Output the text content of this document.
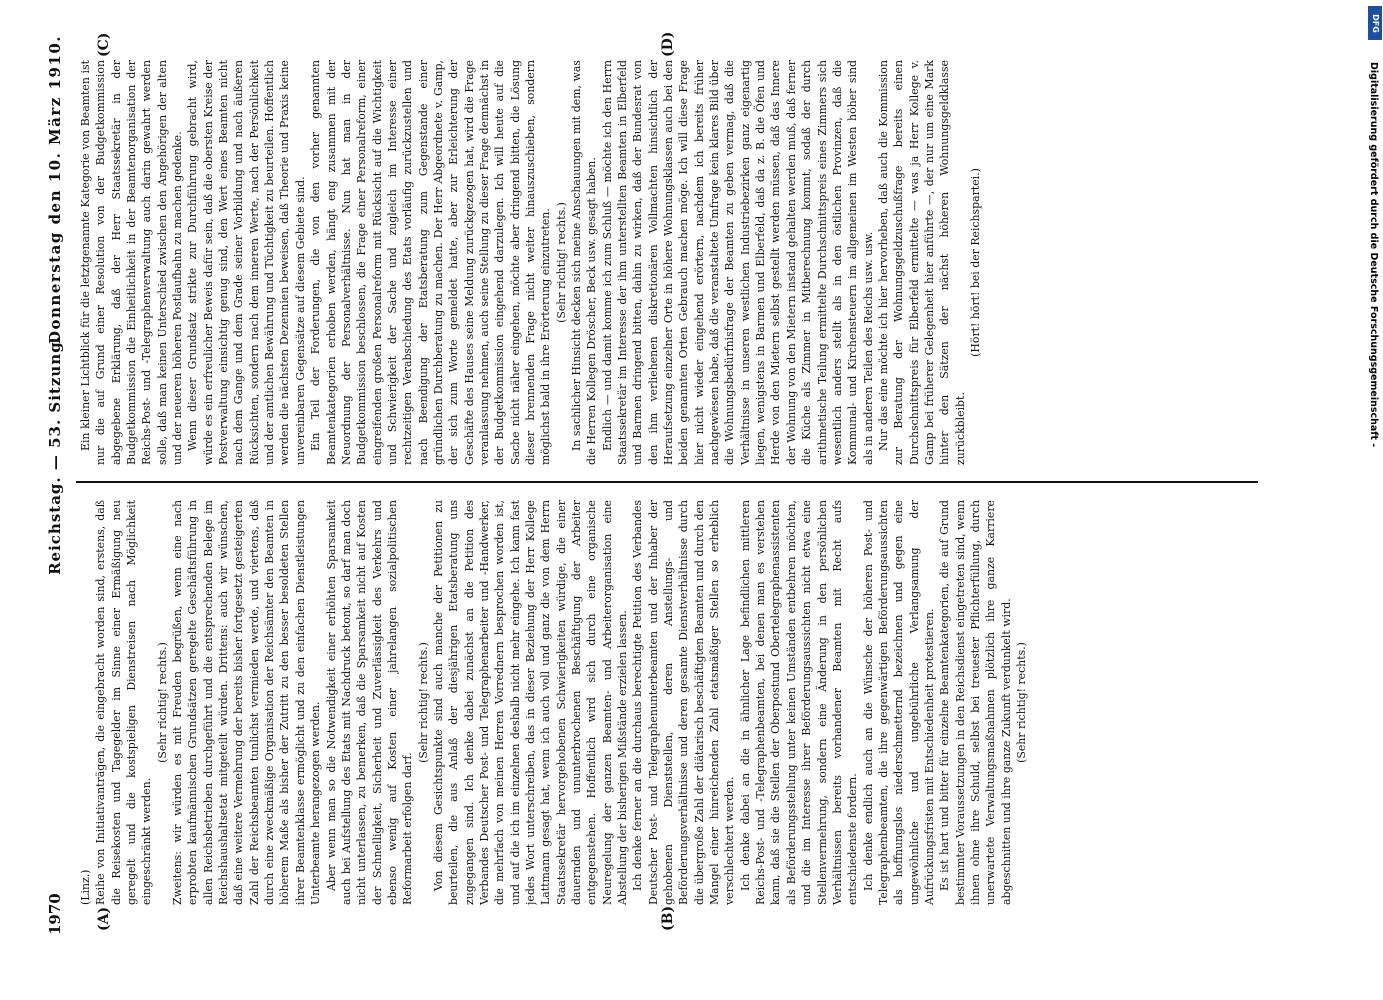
1970
Reichstag. — 53. Sitzung.
Donnerstag den 10. März 1910.
(A)	(B)
(C)	(D)

(Linz.) Reihe von Initiativanträgen, die eingebracht worden sind, erstens, daß die Reisekosten und Tagegelder im Sinne einer Ermäßigung neu geregelt und die kostspieligen Dienstreisen nach Möglichkeit eingeschränkt werden.

(Sehr richtig! rechts.) Zweitens: wir würden es mit Freuden begrüßen, wenn eine nach erprobten kaufmännischen Grundsätzen geregelte Geschäftsführung in allen Reichsbetrieben durchgeführt und die entsprechenden Belege im Reichshaushaltsetat mitgeteilt würden. Drittens: auch wir wünschen, daß eine weitere Vermehrung der bereits bisher fortgesetzt gesteigerten Zahl der Reichsbeamten tunlichst vermieden werde, und viertens, daß durch eine zweckmäßige Organisation der Reichsämter den Beamten in höherem Maße als bisher der Zutritt zu den besser besoldeten Stellen ihrer Beamtenklasse ermöglicht und zu den einfachen Dienstleistungen Unterbeamte herangezogen werden. Aber wenn man so die Notwendigkeit einer erhöhten Sparsamkeit auch bei Aufstellung des Etats mit Nachdruck betont, so darf man doch nicht unterlassen, zu bemerken, daß die Sparsamkeit nicht auf Kosten der Schnelligkeit, Sicherheit und Zuverlässigkeit des Verkehrs und ebenso wenig auf Kosten einer jahrelangen sozialpolitischen Reformarbeit erfolgen darf.

(Sehr richtig! rechts.) Von diesem Gesichtspunkte sind auch manche der Petitionen zu beurteilen, die aus Anlaß der diesjährigen Etatsberatung uns zugegangen sind. Ich denke dabei zunächst an die Petition des Verbandes Deutscher Post- und Telegraphenarbeiter und -Handwerker, die mehrfach von meinen Herren Vorrednern besprochen worden ist, und auf die ich im einzelnen deshalb nicht mehr eingehe. Ich kann fast jedes Wort unterschreiben, das in dieser Beziehung der Herr Kollege Lattmann gesagt hat, wenn ich auch voll und ganz die von dem Herrn Staatssekretär hervorgehobenen Schwierigkeiten würdige, die einer dauernden und ununterbrochenen Beschäftigung der Arbeiter entgegenstehen. Hoffentlich wird sich durch eine organische Neuregelung der ganzen Beamten- und Arbeiterorganisation eine Abstellung der bisherigen Mißstände erzielen lassen. Ich denke ferner an die durchaus berechtigte Petition des Verbandes Deutscher Post- und Telegraphenunterbeamten und der Inhaber der gehobenen Dienststellen, deren Anstellungs- und Beförderungsverhältnisse und deren gesamte Dienstverhältnisse durch die übergroße Zahl der diätarisch beschäftigten Beamten und durch den Mangel einer hinreichenden Zahl etatsmäßiger Stellen so erheblich verschlechtert werden. Ich denke dabei an die in ähnlicher Lage befindlichen mittleren Reichs-Post- und -Telegraphenbeamten, bei denen man es verstehen kann, daß sie die Stellen der Oberpostund Obertelegraphenassistenten als Beförderungsstellung unter keinen Umständen entbehren möchten, und die im Interesse ihrer Beförderungsaussichten nicht etwa eine Stellenvermehrung, sondern eine Änderung in den persönlichen Verhältnissen bereits vorhandener Beamten mit Recht aufs entschiedenste fordern. Ich denke endlich auch an die Wünsche der höheren Post- und Telegraphenbeamten, die ihre gegenwärtigen Beförderungsaussichten als hoffnungslos niederschmetternd bezeichnen und gegen eine ungewöhnliche und ungebührliche Verlangsamung der Aufrückungsfristen mit Entschiedenheit protestieren. Es ist hart und bitter für einzelne Beamtenkategorien, die auf Grund bestimmter Voraussetzungen in den Reichsdienst eingetreten sind, wenn ihnen ohne ihre Schuld, selbst bei treuester Pflichterfüllung, durch unerwartete Verwaltungsmaßnahmen plötzlich ihre ganze Karriere abgeschnitten und ihre ganze Zukunft verdunkelt wird. (Sehr richtig! rechts.)

Ein kleiner Lichtblick für die letztgenannte Kategorie von Beamten ist nur die auf Grund einer Resolution von der Budgetkommission abgegebene Erklärung, daß der Herr Staatssekretär in der Budgetkommission die Einheitlichkeit in der Beamtenorganisation der Reichs-Post- und -Telegraphenverwaltung auch darin gewahrt werden solle, daß man keinen Unterschied zwischen den Angehörigen der alten und der neueren höheren Postlaufbahn zu machen gedenke. Wenn dieser Grundsatz strikte zur Durchführung gebracht wird, würde es ein erfreulicher Beweis dafür sein, daß die obersten Kreise der Postverwaltung einsichtig genug sind, den Wert eines Beamten nicht nach dem Gange und dem Grade seiner Vorbildung und nach äußeren Rücksichten, sondern nach dem inneren Werte, nach der Persönlichkeit und der amtlichen Bewährung und Tüchtigkeit zu beurteilen. Hoffentlich werden die nächsten Dezennien beweisen, daß Theorie und Praxis keine unvereinbaren Gegensätze auf diesem Gebiete sind. Ein Teil der Forderungen, die von den vorher genannten Beamtenkategorien erhoben werden, hängt eng zusammen mit der Neuordnung der Personalverhältnisse. Nun hat man in der Budgetkommission beschlossen, die Frage einer Personalreform, einer eingreifenden großen Personalreform mit Rücksicht auf die Wichtigkeit und Schwierigkeit der Sache und zugleich im Interesse einer rechtzeitigen Verabschiedung des Etats vorläufig zurückzustellen und nach Beendigung der Etatsberatung zum Gegenstande einer gründlichen Durchberatung zu machen. Der Herr Abgeordnete v. Gamp, der sich zum Worte gemeldet hatte, aber zur Erleichterung der Geschäfte des Hauses seine Meldung zurückgezogen hat, wird die Frage veranlassung nehmen, auch seine Stellung zu dieser Frage demnächst in der Budgetkommission eingehend darzulegen. Ich will heute auf die Sache nicht näher eingehen, möchte aber dringend bitten, die Lösung dieser brennenden Frage nicht weiter hinauszuschieben, sondern möglichst bald in ihre Erörterung einzutreten. (Sehr richtig! rechts.) In sachlicher Hinsicht decken sich meine Anschauungen mit dem, was die Herren Kollegen Dröscher, Beck usw. gesagt haben. Endlich — und damit komme ich zum Schluß — möchte ich den Herrn Staatssekretär im Interesse der ihm unterstellten Beamten in Elberfeld und Barmen dringend bitten, dahin zu wirken, daß der Bundesrat von den ihm verliehenen diskretionären Vollmachten hinsichtlich der Heraufsetzung einzelner Orte in höhere Wohnungsklassen auch bei den beiden genannten Orten Gebrauch machen möge. Ich will diese Frage hier nicht wieder eingehend erörtern, nachdem ich bereits früher nachgewiesen habe, daß die veranstaltete Umfrage kein klares Bild über die Wohnungsbedürfnisfrage der Beamten zu geben vermag, daß die Verhältnisse in unseren westlichen Industriebezirken ganz eigenartig liegen, wenigstens in Barmen und Elberfeld, daß da z. B. die Öfen und Herde von den Mietern selbst gestellt werden müssen, daß das Innere der Wohnung von den Mietern instand gehalten werden muß, daß ferner die Küche als Zimmer in Mitberechnung kommt, sodaß der durch arithmetische Teilung ermittelte Durchschnittspreis eines Zimmers sich wesentlich anders stellt als in den östlichen Provinzen, daß die Kommunal- und Kirchensteuern im allgemeinen im Westen höher sind als in anderen Teilen des Reichs usw. usw. Nur das eine möchte ich hier hervorheben, daß auch die Kommission zur Beratung der Wohnungsgeldzuschußfrage bereits einen Durchschnittspreis für Elberfeld ermittelte — was ja Herr Kollege v. Gamp bei früherer Gelegenheit hier anführte —, der nur um eine Mark hinter den Sätzen der nächst höheren Wohnungsgeldklasse zurückbleibt.

(Hört! hört! bei der Reichspartei.)

DFG
Digitalisierung gefördert durch die Deutsche Forschungsgemeinschaft -
